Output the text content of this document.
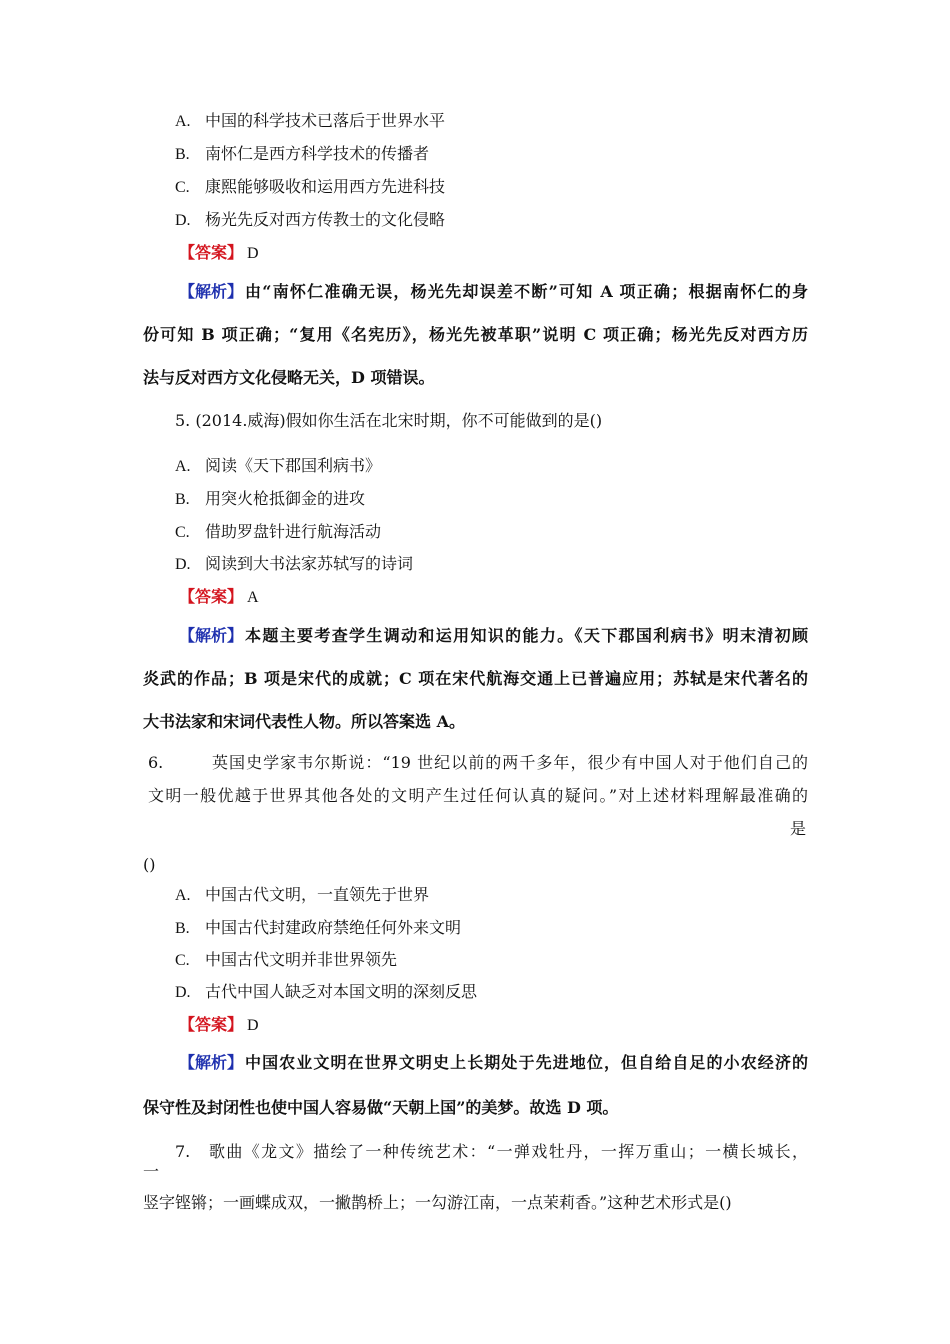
A. 中国的科学技术已落后于世界水平
B. 南怀仁是西方科学技术的传播者
C. 康熙能够吸收和运用西方先进科技
D. 杨光先反对西方传教士的文化侵略
【答案】 D
【解析】 由“南怀仁准确无误，杨光先却误差不断”可知 A 项正确；根据南怀仁的身
份可知 B 项正确；“复用《名宪历》，杨光先被革职”说明 C 项正确；杨光先反对西方历
法与反对西方文化侵略无关，D 项错误。
5. (2014.威海)假如你生活在北宋时期，你不可能做到的是()
A. 阅读《天下郡国利病书》
B. 用突火枪抵御金的进攻
C. 借助罗盘针进行航海活动
D. 阅读到大书法家苏轼写的诗词
【答案】 A
【解析】 本题主要考查学生调动和运用知识的能力。《天下郡国利病书》明末清初顾
炎武的作品；B 项是宋代的成就；C 项在宋代航海交通上已普遍应用；苏轼是宋代著名的
大书法家和宋词代表性人物。所以答案选 A。
6.	英国史学家韦尔斯说：“19 世纪以前的两千多年，很少有中国人对于他们自己的
文明一般优越于世界其他各处的文明产生过任何认真的疑问。”对上述材料理解最准确的
是
()
A. 中国古代文明，一直领先于世界
B. 中国古代封建政府禁绝任何外来文明
C. 中国古代文明并非世界领先
D. 古代中国人缺乏对本国文明的深刻反思
【答案】 D
【解析】 中国农业文明在世界文明史上长期处于先进地位，但自给自足的小农经济的
保守性及封闭性也使中国人容易做“天朝上国”的美梦。故选 D 项。
7.　歌曲《龙文》描绘了一种传统艺术：“一弹戏牡丹，一挥万重山；一横长城长，
一
竖字铿锵；一画蝶成双，一撇鹊桥上；一勾游江南，一点茉莉香。”这种艺术形式是()
